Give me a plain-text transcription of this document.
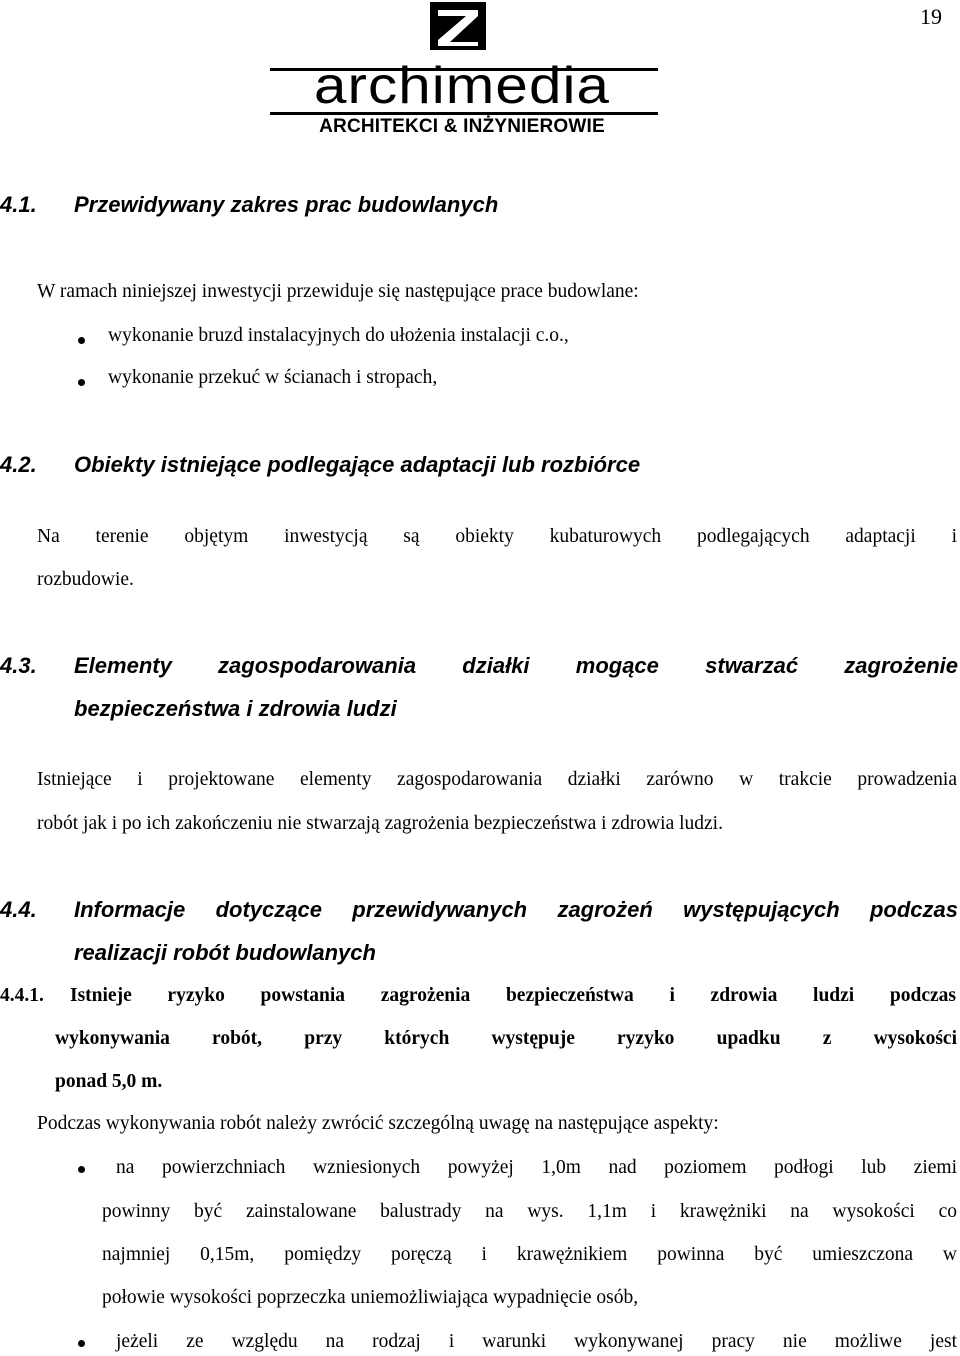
19
archimedia
ARCHITEKCI & INŻYNIEROWIE
4.1. Przewidywany zakres prac budowlanych
W ramach niniejszej inwestycji przewiduje się następujące prace budowlane:
wykonanie bruzd instalacyjnych do ułożenia instalacji c.o.,
wykonanie przekuć w ścianach i stropach,
4.2. Obiekty istniejące podlegające adaptacji lub rozbiórce
Na terenie objętym inwestycją są obiekty kubaturowych podlegających adaptacji i
rozbudowie.
4.3. Elementy zagospodarowania działki mogące stwarzać zagrożenie
bezpieczeństwa i zdrowia ludzi
Istniejące i projektowane elementy zagospodarowania działki zarówno w trakcie prowadzenia
robót jak i po ich zakończeniu nie stwarzają zagrożenia bezpieczeństwa i zdrowia ludzi.
4.4. Informacje dotyczące przewidywanych zagrożeń występujących podczas
realizacji robót budowlanych
4.4.1. Istnieje ryzyko powstania zagrożenia bezpieczeństwa i zdrowia ludzi podczas
wykonywania robót, przy których występuje ryzyko upadku z wysokości
ponad 5,0 m.
Podczas wykonywania robót należy zwrócić szczególną uwagę na następujące aspekty:
na powierzchniach wzniesionych powyżej 1,0m nad poziomem podłogi lub ziemi
powinny być zainstalowane balustrady na wys. 1,1m i krawężniki na wysokości co
najmniej 0,15m, pomiędzy poręczą i krawężnikiem powinna być umieszczona w
połowie wysokości poprzeczka uniemożliwiająca wypadnięcie osób,
jeżeli ze względu na rodzaj i warunki wykonywanej pracy nie możliwe jest
